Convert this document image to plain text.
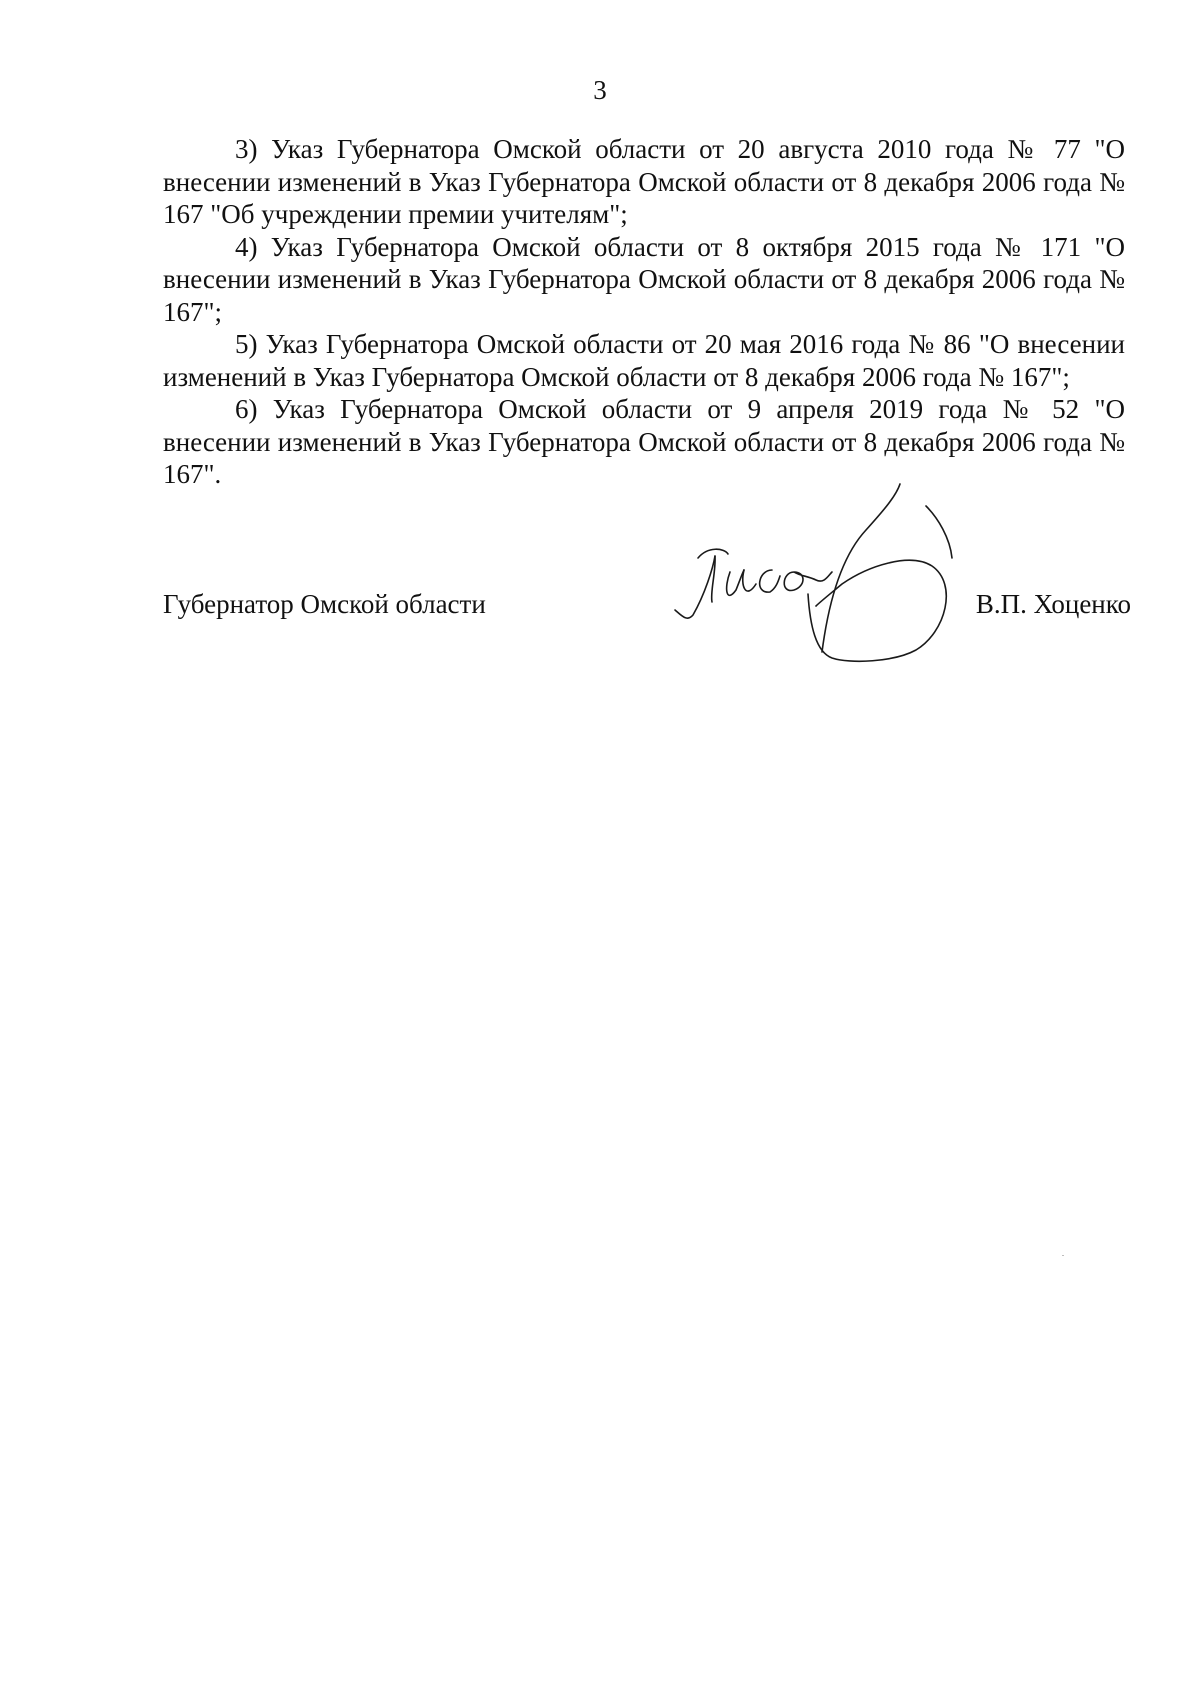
3

3) Указ Губернатора Омской области от 20 августа 2010 года № 77 "О внесении изменений в Указ Губернатора Омской области от 8 декабря 2006 года № 167 "Об учреждении премии учителям";

4) Указ Губернатора Омской области от 8 октября 2015 года № 171 "О внесении изменений в Указ Губернатора Омской области от 8 декабря 2006 года № 167";

5) Указ Губернатора Омской области от 20 мая 2016 года № 86 "О внесении изменений в Указ Губернатора Омской области от 8 декабря 2006 года № 167";

6) Указ Губернатора Омской области от 9 апреля 2019 года № 52 "О внесении изменений в Указ Губернатора Омской области от 8 декабря 2006 года № 167".

Губернатор Омской области	В.П. Хоценко
